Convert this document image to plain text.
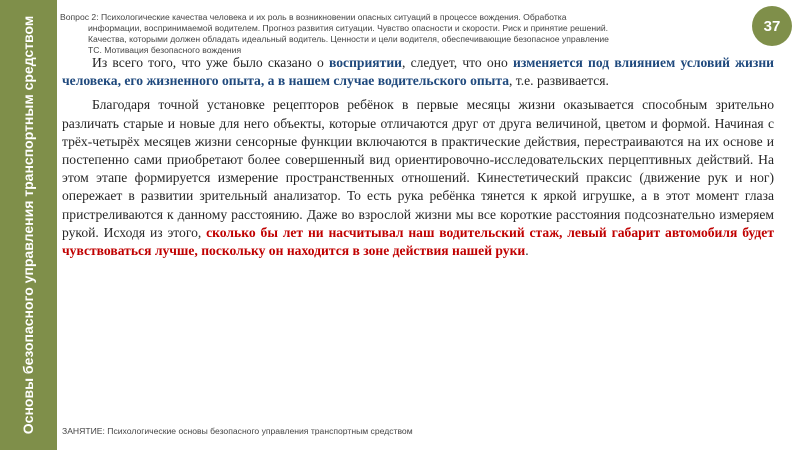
Основы безопасного управления транспортным средством	Вопрос 2: Психологические качества человека и их роль в возникновении опасных ситуаций в процессе вождения. Обработка
информации, воспринимаемой водителем. Прогноз развития ситуации. Чувство опасности и скорости. Риск и принятие решений.
Качества, которыми должен обладать идеальный водитель. Ценности и цели водителя, обеспечивающие безопасное управление
ТС. Мотивация безопасного вождения
37

Из всего того, что уже было сказано о восприятии, следует, что оно изменяется под влиянием условий жизни человека, его жизненного опыта, а в нашем случае водительского опыта, т.е. развивается.

Благодаря точной установке рецепторов ребёнок в первые месяцы жизни оказывается способным зрительно различать старые и новые для него объекты, которые отличаются друг от друга величиной, цветом и формой. Начиная с трёх-четырёх месяцев жизни сенсорные функции включаются в практические действия, перестраиваются на их основе и постепенно сами приобретают более совершенный вид ориентировочно-исследовательских перцептивных действий. На этом этапе формируется измерение пространственных отношений. Кинестетический праксис (движение рук и ног) опережает в развитии зрительный анализатор. То есть рука ребёнка тянется к яркой игрушке, а в этот момент глаза пристреливаются к данному расстоянию. Даже во взрослой жизни мы все короткие расстояния подсознательно измеряем рукой. Исходя из этого, сколько бы лет ни насчитывал наш водительский стаж, левый габарит автомобиля будет чувствоваться лучше, поскольку он находится в зоне действия нашей руки.

ЗАНЯТИЕ: Психологические основы безопасного управления транспортным средством
